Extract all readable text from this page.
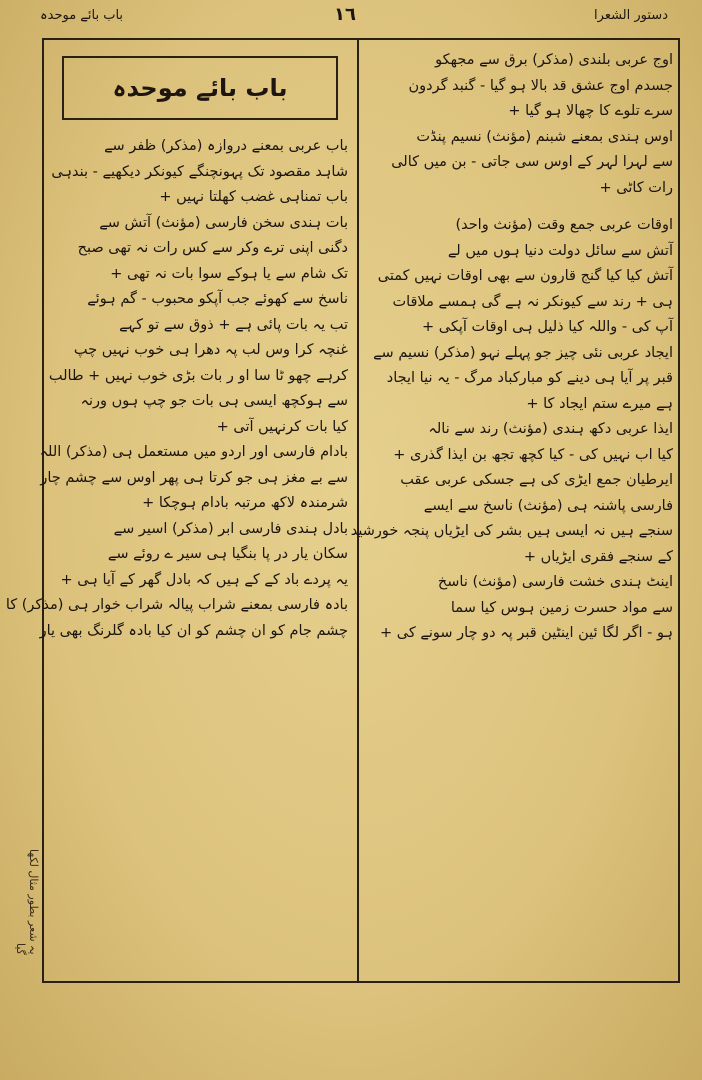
باب بائے موحدہ	١٦	دستور الشعرا
باب بائے موحدہ
باب عربی بمعنے دروازہ (مذکر) ظفر سے
شاہد مقصود تک پہونچنگے کیونکر دیکھیے - بندہی
باب تمناہی غضب کھلتا نہیں +
بات ہندی سخن فارسی (مؤنث) آتش سے
دگنی اپنی ترے وکر سے کس رات نہ تھی صبح
تک شام سے یا ہوکے سوا بات نہ تھی +
ناسخ سے کھوئے جب آپکو محبوب - گم ہوئے
تب یہ بات پائی ہے + ذوق سے تو کہے
غنچہ کرا وس لب پہ دھرا ہی خوب نہیں چپ
کرہے چھو ٹا سا او ر بات بڑی خوب نہیں + طالب
سے ہوکچھ ایسی ہی بات جو چپ ہوں ورنہ
کیا بات کرنہیں آتی +
بادام فارسی اور اردو میں مستعمل ہی (مذکر) اللہ
سے بے مغز ہی جو کرتا ہی پھر اوس سے چشم چار
شرمندہ لاکھ مرتبہ بادام ہوچکا +
بادل ہندی فارسی ابر (مذکر) اسیر سے
سکان یار در پا بنگیا ہی سیر ے روئے سے
یہ پردے باد کے کے ہیں کہ بادل گھر کے آیا ہی +
بادہ فارسی بمعنے شراب پیالہ شراب خوار ہی (مذکر) کا
چشم جام کو ان چشم کو ان کیا بادہ گلرنگ بھی یار
اوج عربی بلندی (مذکر) برق سے مجھکو
جسدم اوج عشق قد بالا ہو گیا - گنبد گردون
سرے تلوے کا چھالا ہو گیا +
اوس ہندی بمعنے شبنم (مؤنث) نسیم پنڈت
سے لہرا لہر کے اوس سی جاتی - بن میں کالی
رات کاٹی +
اوقات عربی جمع وقت (مؤنث واحد)
آتش سے سائل دولت دنیا ہوں میں لے
آتش کیا کیا گنج قارون سے بھی اوقات نہیں کمتی
ہی + رند سے کیونکر نہ ہے گی ہمسے ملاقات
آپ کی - واللہ کیا ذلیل ہی اوقات آپکی +
ایجاد عربی نئی چیز جو پہلے نہو (مذکر) نسیم سے
قبر پر آیا ہی دینے کو مبارکباد مرگ - یہ نیا ایجاد
ہے میرے ستم ایجاد کا +
ایذا عربی دکھ ہندی (مؤنث) رند سے نالہ
کیا اب نہیں کی - کیا کچھ تجھ بن ایذا گذری +
ایرطیان جمع ایڑی کی ہے جسکی عربی عقب
فارسی پاشنہ ہی (مؤنث) ناسخ سے ایسے
سنجے ہیں نہ ایسی ہیں بشر کی ایڑیاں پنجہ خورشید
کے سنجے فقری ایڑیاں +
اینٹ ہندی خشت فارسی (مؤنث) ناسخ
سے مواد حسرت زمین ہوس کیا سما
ہو - اگر لگا ئین اینٹین قبر پہ دو چار سونے کی +
یہ شعر بطور مثال لکھا گیا
